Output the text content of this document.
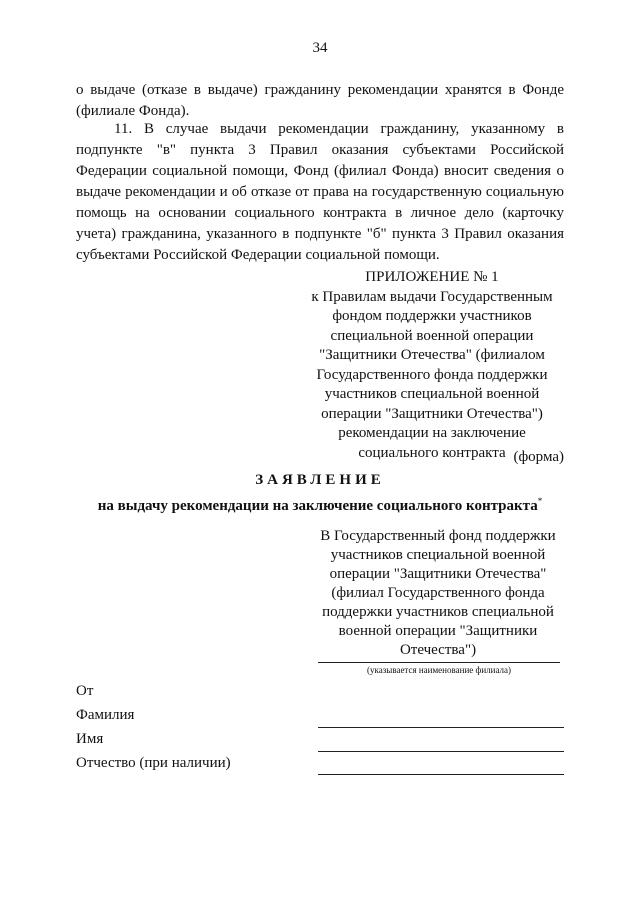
34

о выдаче (отказе в выдаче) гражданину рекомендации хранятся в Фонде (филиале Фонда).

11. В случае выдачи рекомендации гражданину, указанному в подпункте "в" пункта 3 Правил оказания субъектами Российской Федерации социальной помощи, Фонд (филиал Фонда) вносит сведения о выдаче рекомендации и об отказе от права на государственную социальную помощь на основании социального контракта в личное дело (карточку учета) гражданина, указанного в подпункте "б" пункта 3 Правил оказания субъектами Российской Федерации социальной помощи.

ПРИЛОЖЕНИЕ № 1
к Правилам выдачи Государственным фондом поддержки участников специальной военной операции "Защитники Отечества" (филиалом Государственного фонда поддержки участников специальной военной операции "Защитники Отечества") рекомендации на заключение социального контракта (форма)
ЗАЯВЛЕНИЕ
на выдачу рекомендации на заключение социального контракта*
В Государственный фонд поддержки участников специальной военной операции "Защитники Отечества" (филиал Государственного фонда поддержки участников специальной военной операции "Защитники Отечества")
(указывается наименование филиала)
От
Фамилия
Имя
Отчество (при наличии)
